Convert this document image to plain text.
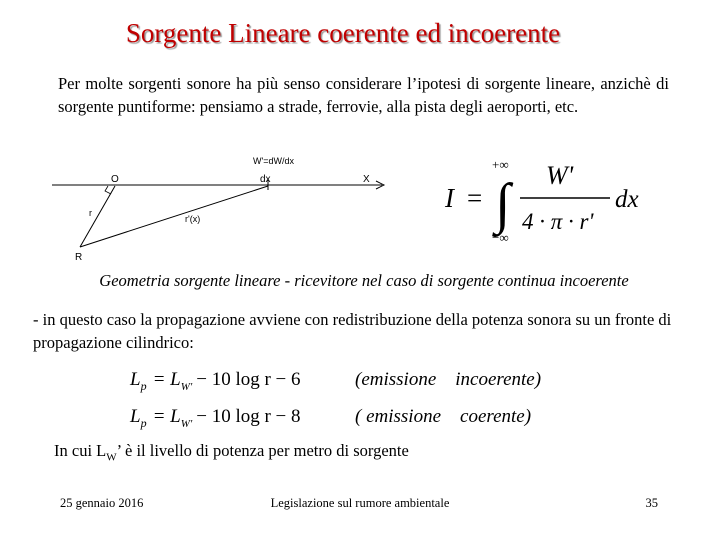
Sorgente Lineare coerente ed incoerente
Per molte sorgenti sonore ha più senso considerare l’ipotesi di sorgente lineare, anzichè di sorgente puntiforme: pensiamo a strade, ferrovie, alla pista degli aeroporti, etc.
W'=dW/dx
O	dx	X
r
r'(x)
R
I =
+∞
∫
−∞
W'
4 · π · r'
dx
Geometria sorgente lineare - ricevitore nel caso di sorgente continua incoerente
- in questo caso la propagazione avviene con redistribuzione della potenza sonora su un fronte di propagazione cilindrico:
$L_p = L_{W'} - 10$ log r − 6	(emissione    incoerente)
$L_p = L_{W'} - 10$ log r − 8	( emissione    coerente)
In cui $L_W$’ è il livello di potenza per metro di sorgente
25 gennaio 2016	Legislazione sul rumore ambientale	35
